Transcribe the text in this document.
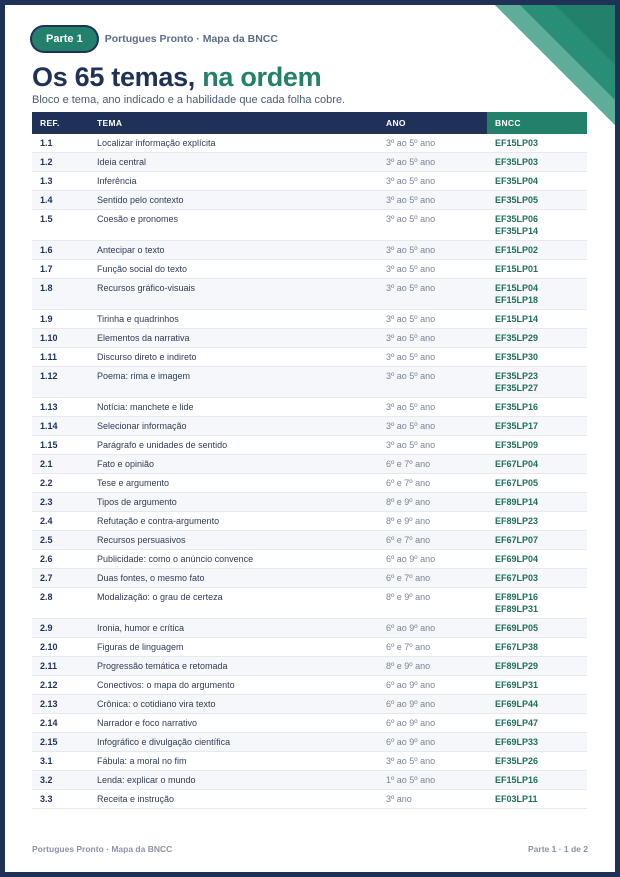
Parte 1	Portugues Pronto · Mapa da BNCC
Os 65 temas, na ordem
Bloco e tema, ano indicado e a habilidade que cada folha cobre.
REF.	TEMA	ANO	BNCC
1.1	Localizar informação explícita	3º ao 5º ano	EF15LP03

1.2	Ideia central	3º ao 5º ano	EF35LP03

1.3	Inferência	3º ao 5º ano	EF35LP04

1.4	Sentido pelo contexto	3º ao 5º ano	EF35LP05

1.5	Coesão e pronomes	3º ao 5º ano	EF35LP06
EF35LP14

1.6	Antecipar o texto	3º ao 5º ano	EF15LP02

1.7	Função social do texto	3º ao 5º ano	EF15LP01

1.8	Recursos gráfico-visuais	3º ao 5º ano	EF15LP04
EF15LP18

1.9	Tirinha e quadrinhos	3º ao 5º ano	EF15LP14

1.10	Elementos da narrativa	3º ao 5º ano	EF35LP29

1.11	Discurso direto e indireto	3º ao 5º ano	EF35LP30

1.12	Poema: rima e imagem	3º ao 5º ano	EF35LP23
EF35LP27

1.13	Notícia: manchete e lide	3º ao 5º ano	EF35LP16

1.14	Selecionar informação	3º ao 5º ano	EF35LP17

1.15	Parágrafo e unidades de sentido	3º ao 5º ano	EF35LP09

2.1	Fato e opinião	6º e 7º ano	EF67LP04

2.2	Tese e argumento	6º e 7º ano	EF67LP05

2.3	Tipos de argumento	8º e 9º ano	EF89LP14

2.4	Refutação e contra-argumento	8º e 9º ano	EF89LP23

2.5	Recursos persuasivos	6º e 7º ano	EF67LP07

2.6	Publicidade: como o anúncio convence	6º ao 9º ano	EF69LP04

2.7	Duas fontes, o mesmo fato	6º e 7º ano	EF67LP03

2.8	Modalização: o grau de certeza	8º e 9º ano	EF89LP16
EF89LP31

2.9	Ironia, humor e crítica	6º ao 9º ano	EF69LP05

2.10	Figuras de linguagem	6º e 7º ano	EF67LP38

2.11	Progressão temática e retomada	8º e 9º ano	EF89LP29

2.12	Conectivos: o mapa do argumento	6º ao 9º ano	EF69LP31

2.13	Crônica: o cotidiano vira texto	6º ao 9º ano	EF69LP44

2.14	Narrador e foco narrativo	6º ao 9º ano	EF69LP47

2.15	Infográfico e divulgação científica	6º ao 9º ano	EF69LP33

3.1	Fábula: a moral no fim	3º ao 5º ano	EF35LP26

3.2	Lenda: explicar o mundo	1º ao 5º ano	EF15LP16

3.3	Receita e instrução	3º ano	EF03LP11
Portugues Pronto · Mapa da BNCC	Parte 1 · 1 de 2
